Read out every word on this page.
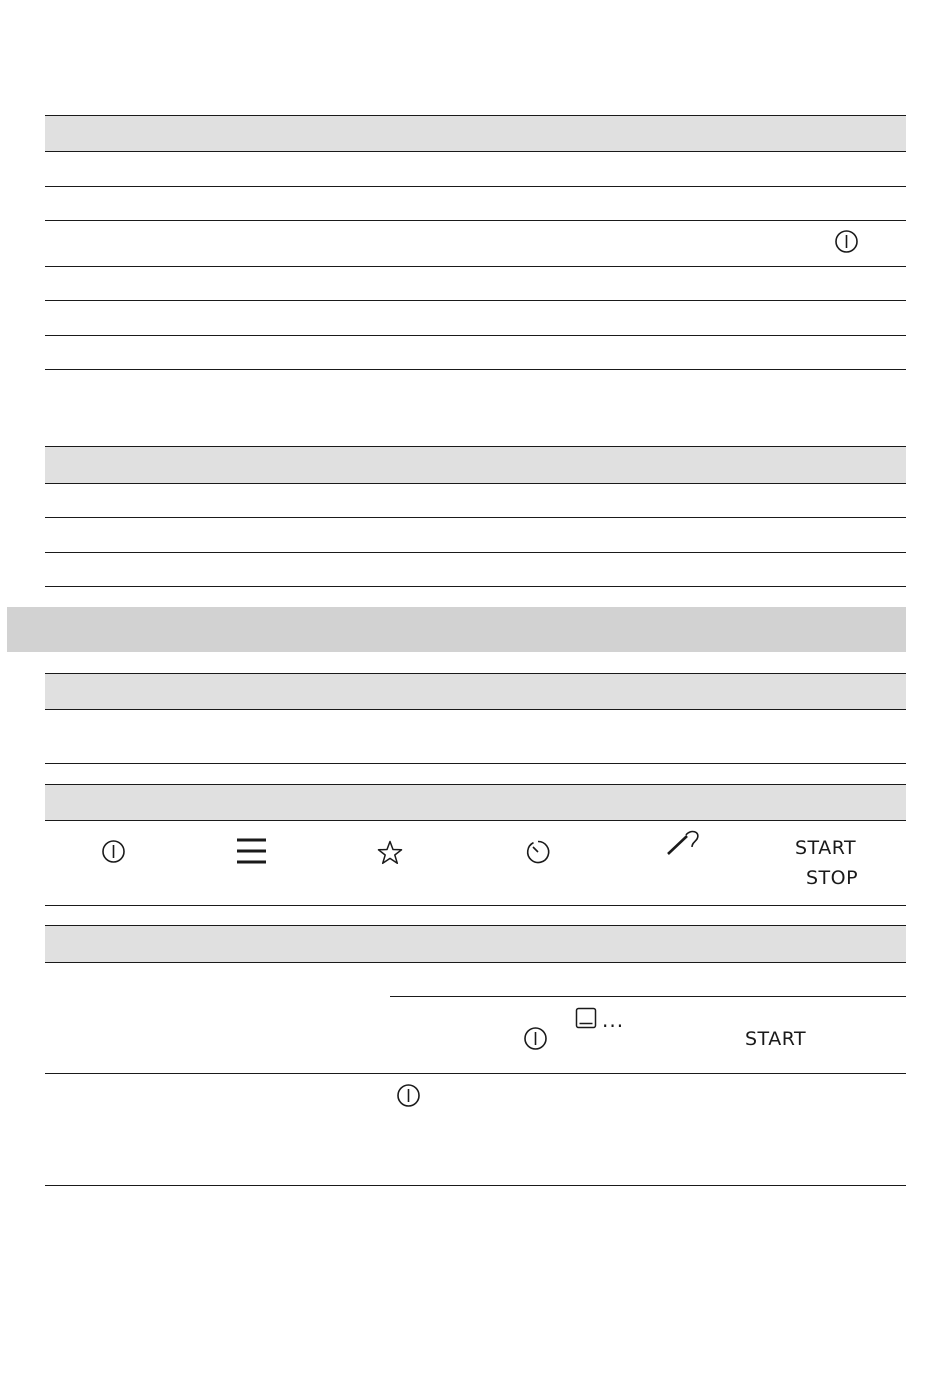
START
STOP
...
START
